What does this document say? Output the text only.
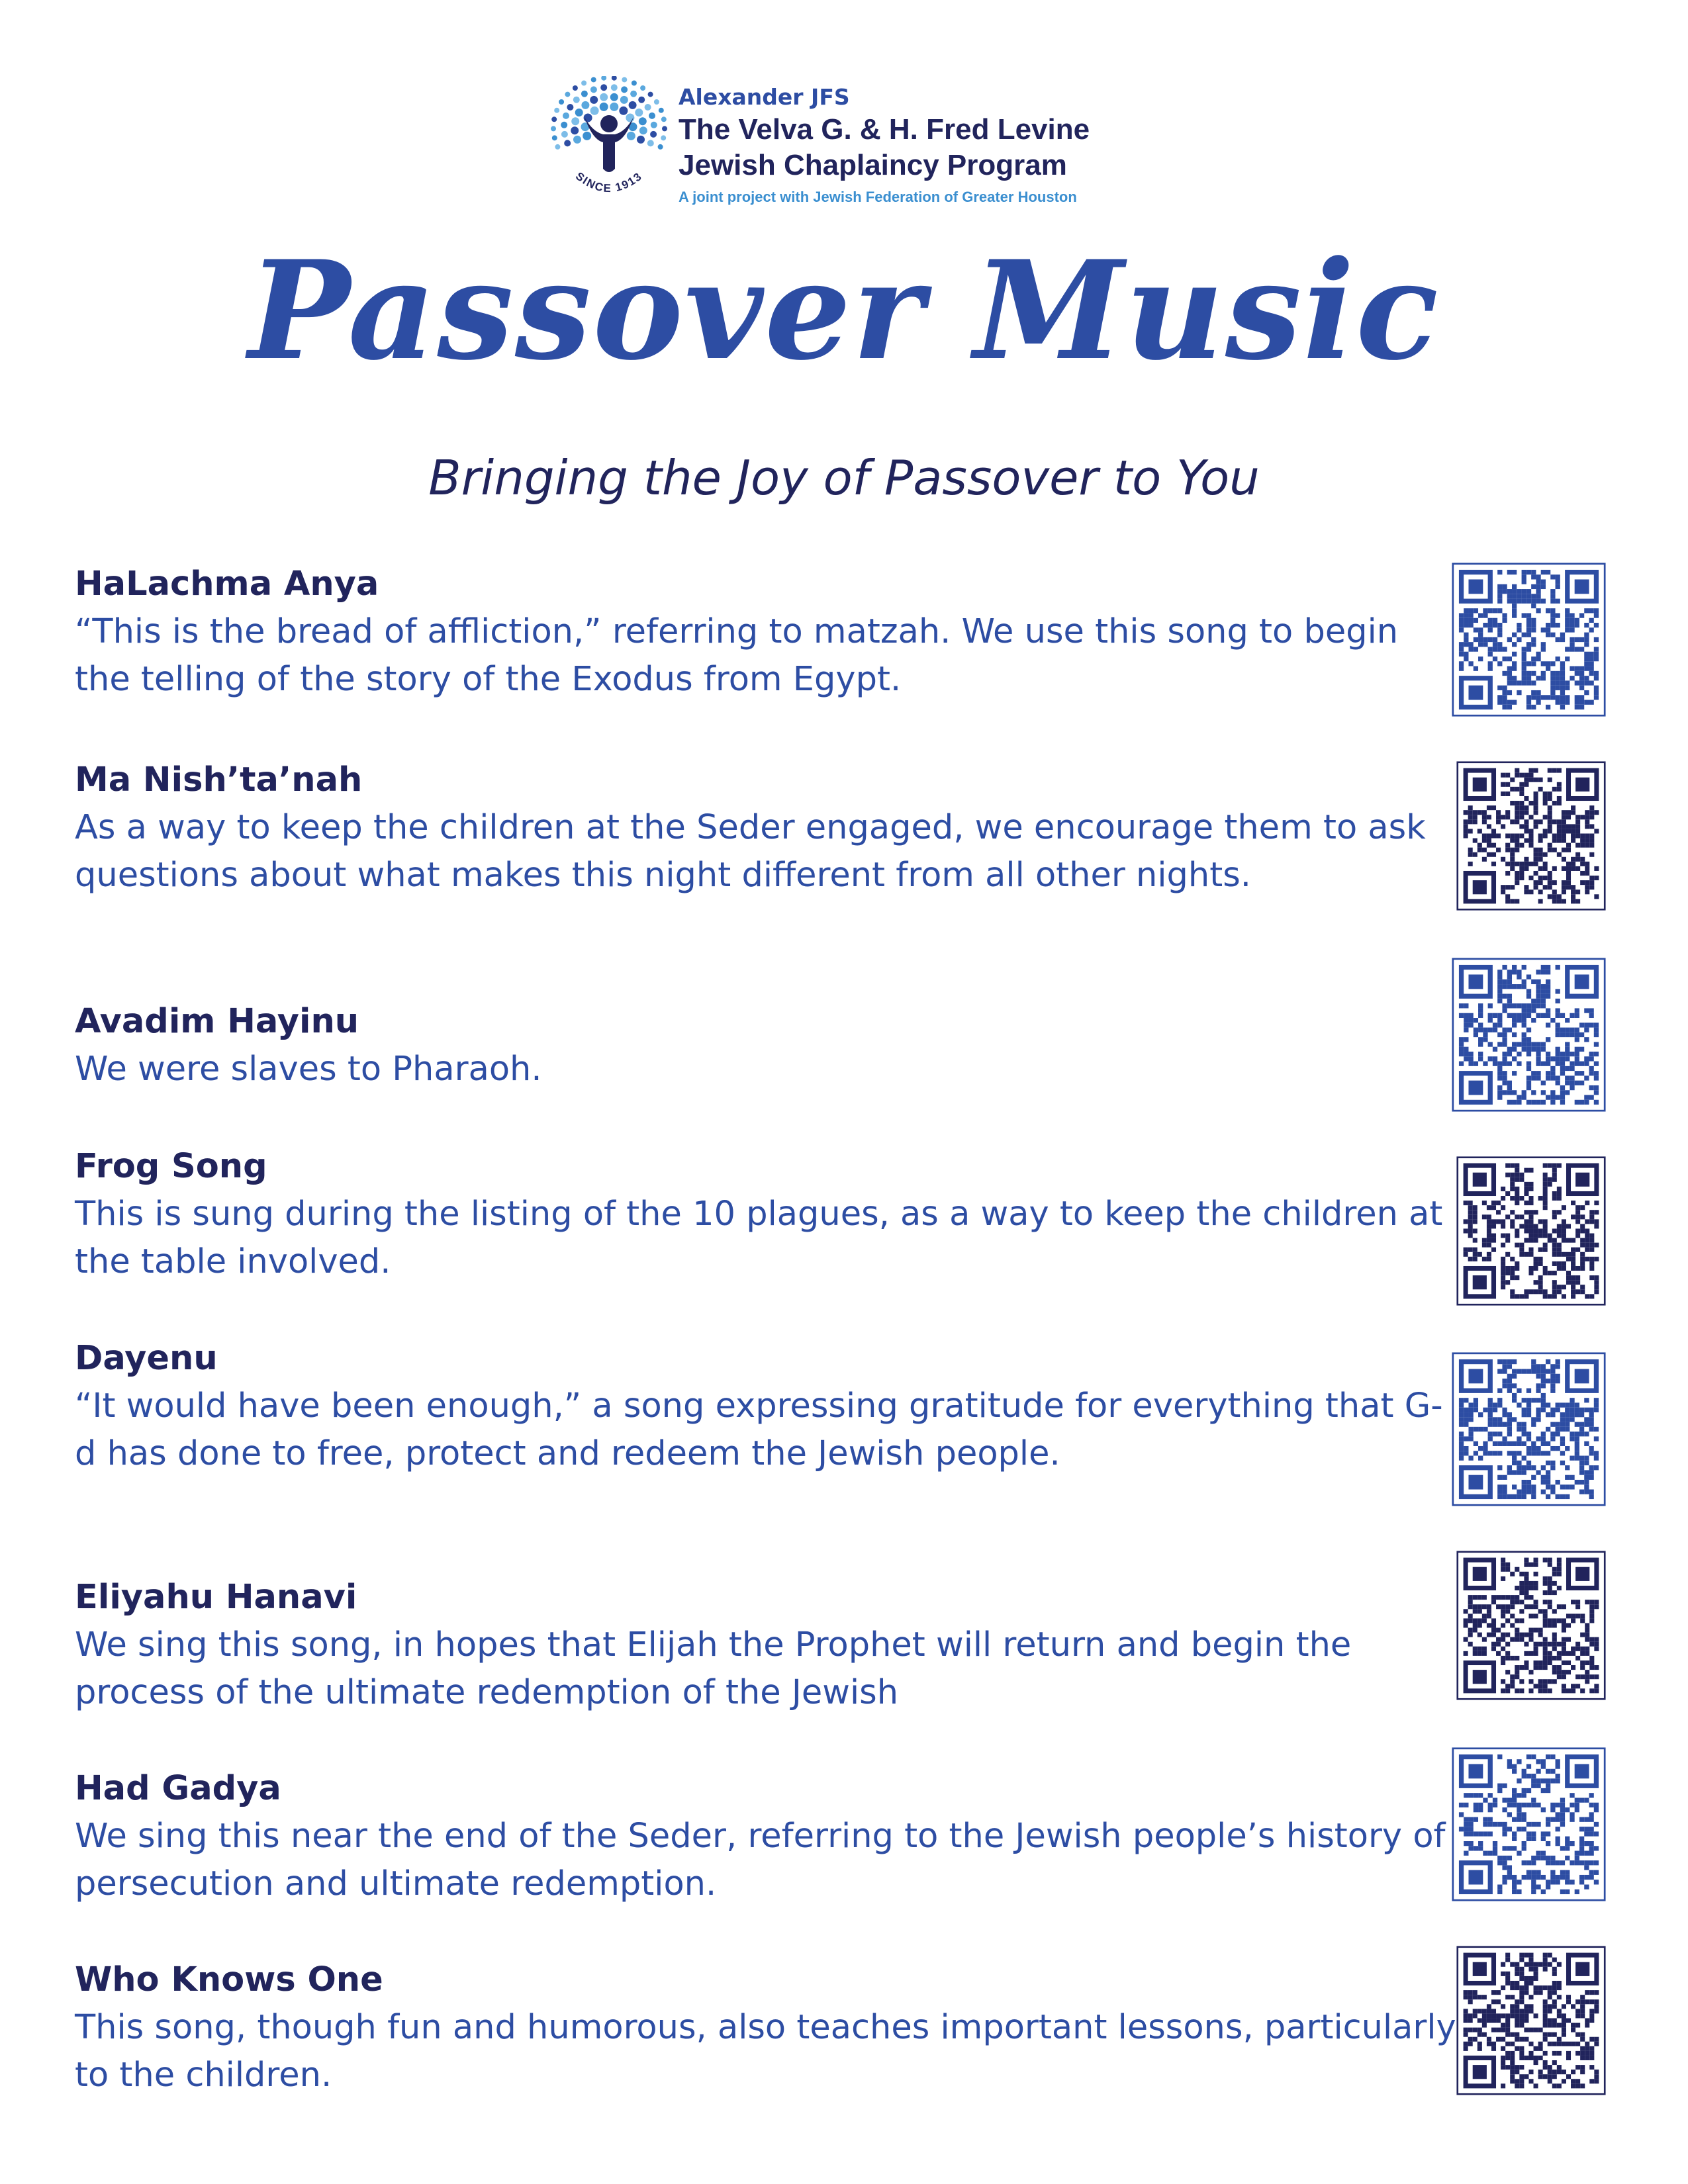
SINCE 1913

Alexander JFS

The Velva G. & H. Fred Levine

Jewish Chaplaincy Program

A joint project with Jewish Federation of Greater Houston

Passover Music
Bringing the Joy of Passover to You

HaLachma Anya

“This is the bread of affliction,” referring to matzah. We use this song to begin the telling of the story of the Exodus from Egypt.

Ma Nish’ta’nah

As a way to keep the children at the Seder engaged, we encourage them to ask questions about what makes this night different from all other nights.

Avadim Hayinu

We were slaves to Pharaoh.

Frog Song

This is sung during the listing of the 10 plagues, as a way to keep the children at the table involved.

Dayenu

“It would have been enough,” a song expressing gratitude for everything that G-d has done to free, protect and redeem the Jewish people.

Eliyahu Hanavi

We sing this song, in hopes that Elijah the Prophet will return and begin the process of the ultimate redemption of the Jewish

Had Gadya

We sing this near the end of the Seder, referring to the Jewish people’s history of persecution and ultimate redemption.

Who Knows One

This song, though fun and humorous, also teaches important lessons, particularly to the children.
